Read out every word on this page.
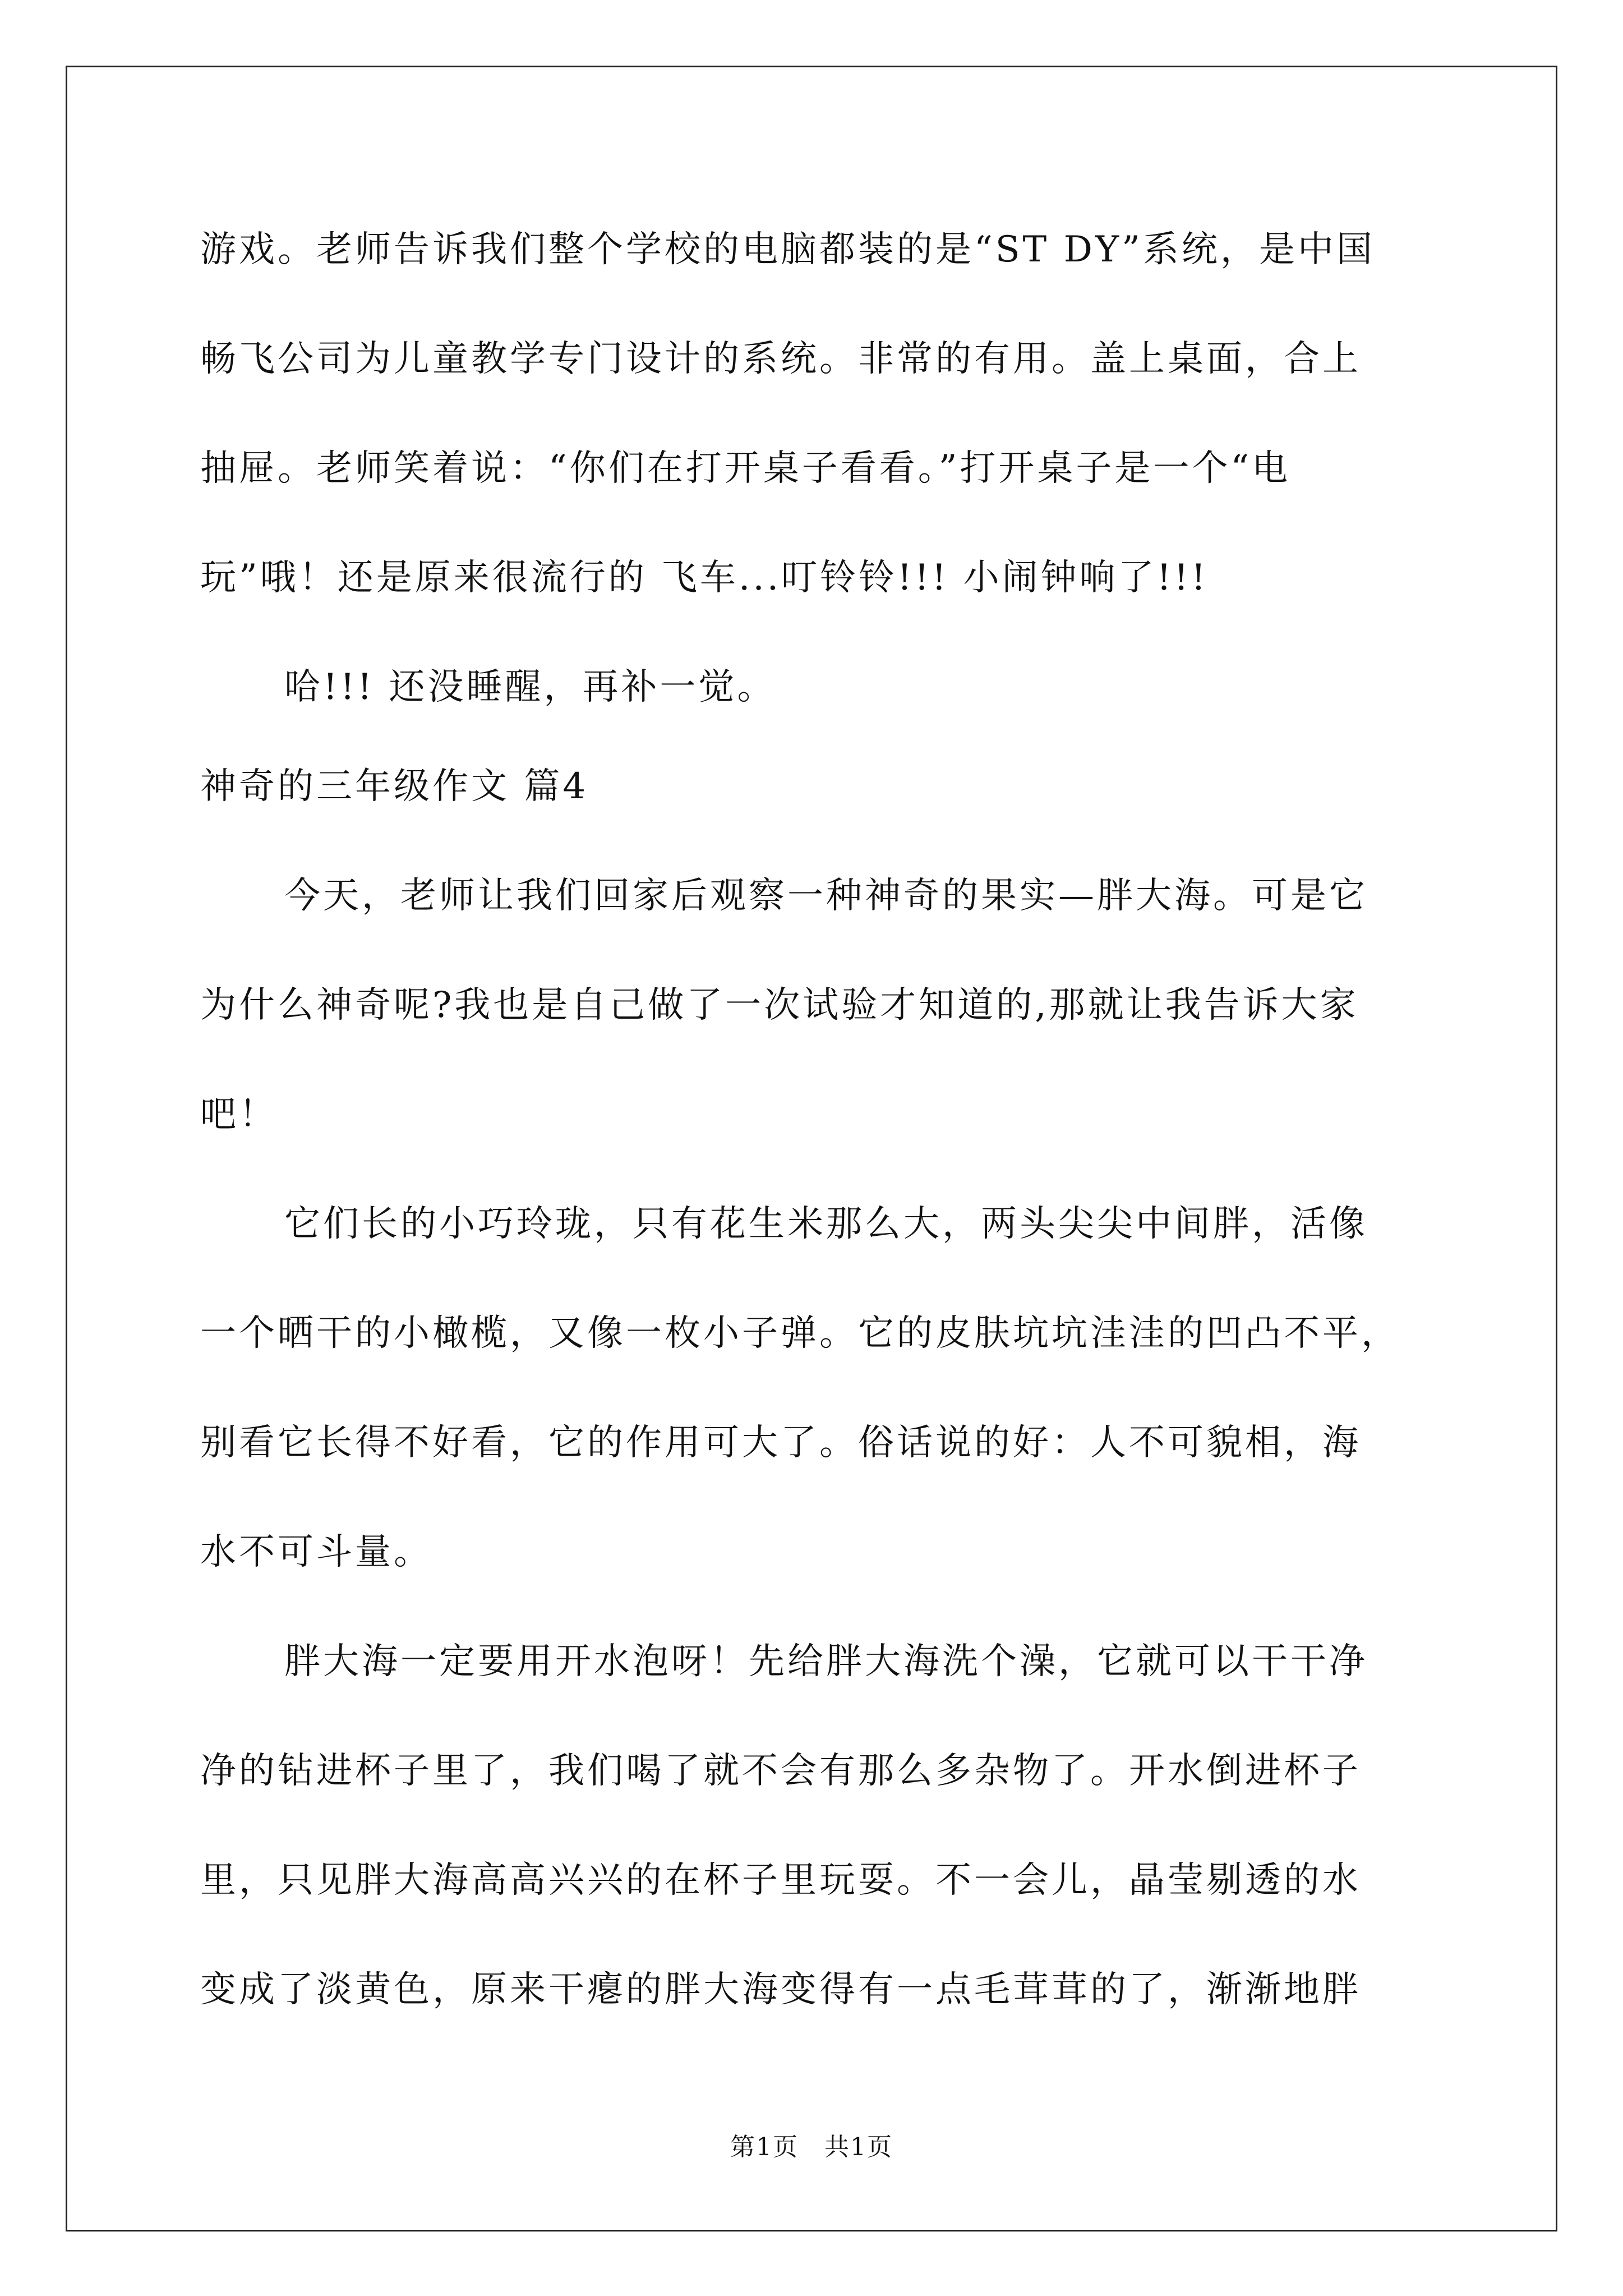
游戏。老师告诉我们整个学校的电脑都装的是“ST DY”系统，是中国
畅飞公司为儿童教学专门设计的系统。非常的有用。盖上桌面，合上
抽屉。老师笑着说：“你们在打开桌子看看。”打开桌子是一个“电
玩”哦！还是原来很流行的 飞车...叮铃铃!!! 小闹钟响了!!!
哈!!! 还没睡醒，再补一觉。
神奇的三年级作文 篇4
今天，老师让我们回家后观察一种神奇的果实—胖大海。可是它
为什么神奇呢?我也是自己做了一次试验才知道的,那就让我告诉大家
吧！
它们长的小巧玲珑，只有花生米那么大，两头尖尖中间胖，活像
一个晒干的小橄榄，又像一枚小子弹。它的皮肤坑坑洼洼的凹凸不平，
别看它长得不好看，它的作用可大了。俗话说的好：人不可貌相，海
水不可斗量。
胖大海一定要用开水泡呀！先给胖大海洗个澡，它就可以干干净
净的钻进杯子里了，我们喝了就不会有那么多杂物了。开水倒进杯子
里，只见胖大海高高兴兴的在杯子里玩耍。不一会儿，晶莹剔透的水
变成了淡黄色，原来干瘪的胖大海变得有一点毛茸茸的了，渐渐地胖
第1页　共1页
